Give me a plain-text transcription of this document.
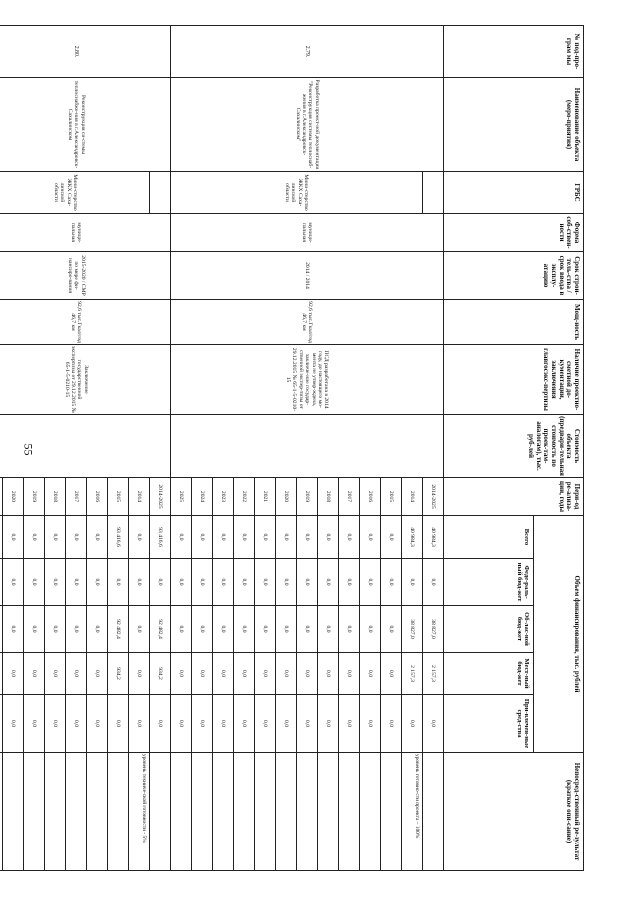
55
№ под-про-грам мы	Наименование объекта (меро-приятия)	ГРБС	Форма соб-ствен-ности	Срок строи-тель-ства / срок ввода в эксплу-атацию	Мощ-ность	Наличие проектно-сметной до-кументации, заключения главгосэкс-пертизы	Стоимость объекта (предвари-тельная стоимость по проек-там-аналогам), тыс. руб-лей	Пери-од ре-ализа-ции, годы	Объем финансирования, тыс. рублей					Непосред-ственный ре-зультат (краткое опи-сание)
									Всего	Феде-раль-ный бюд-жет	Об-лас-ной бюд-жет	Мест-ный бюд-жет	При-влечен-ные сред-ства	
2.79.	Разработка проект-ной документации "Реконструкция системы теплоснаб-жения в г.Александровск-Сахалинском"		муници-пальная	2014 / 2014	92,6 тыс.Гкал/год 46,7 км	ПСД разработана в 2014 году, до настоящего мо-мента не утвер-ждена, заключе-ние государ-ственной экспер-тизы от 29.12.2015 № 65-1-5-0210-15		2014-2025	40 984,3	0,0	38 827,0	2 157,3	0,0	
		Мини-стерство ЖКХ Саха-линской области						2014	40 984,3	0,0	38 827,0	2 157,3	0,0	уровень готовно-сти проекта – 100%
								2015	0,0	0,0	0,0	0,0	0,0	
								2016	0,0	0,0	0,0	0,0	0,0	
								2017	0,0	0,0	0,0	0,0	0,0	
								2018	0,0	0,0	0,0	0,0	0,0	
								2019	0,0	0,0	0,0	0,0	0,0	
								2020	0,0	0,0	0,0	0,0	0,0	
								2021	0,0	0,0	0,0	0,0	0,0	
								2022	0,0	0,0	0,0	0,0	0,0	
								2023	0,0	0,0	0,0	0,0	0,0	
								2024	0,0	0,0	0,0	0,0	0,0	
								2025	0,0	0,0	0,0	0,0	0,0	
2.80.	Реконструкция си-стемы теплоснабже-ния в г.Александровск-Сахалинском		муници-пальная	2015-2020 / СМР по мере фи-нансиро-вания	92,6 тыс.Гкал/год 46,7 км	Заключение государственной экспертизы от 29.12.2015 № 65-1-5-0210-15		2014-2025	93 416,6	0,0	92 482,4	934,2	0,0	
		Мини-стерство ЖКХ Саха-линской области						2014	0,0	0,0	0,0	0,0	0,0	уровень техниче-ской готовности - 5%
								2015	93 416,6	0,0	92 482,4	934,2	0,0	
								2016	0,0	0,0	0,0	0,0	0,0	
								2017	0,0	0,0	0,0	0,0	0,0	
								2018	0,0	0,0	0,0	0,0	0,0	
								2019	0,0	0,0	0,0	0,0	0,0	
								2020	0,0	0,0	0,0	0,0	0,0	
